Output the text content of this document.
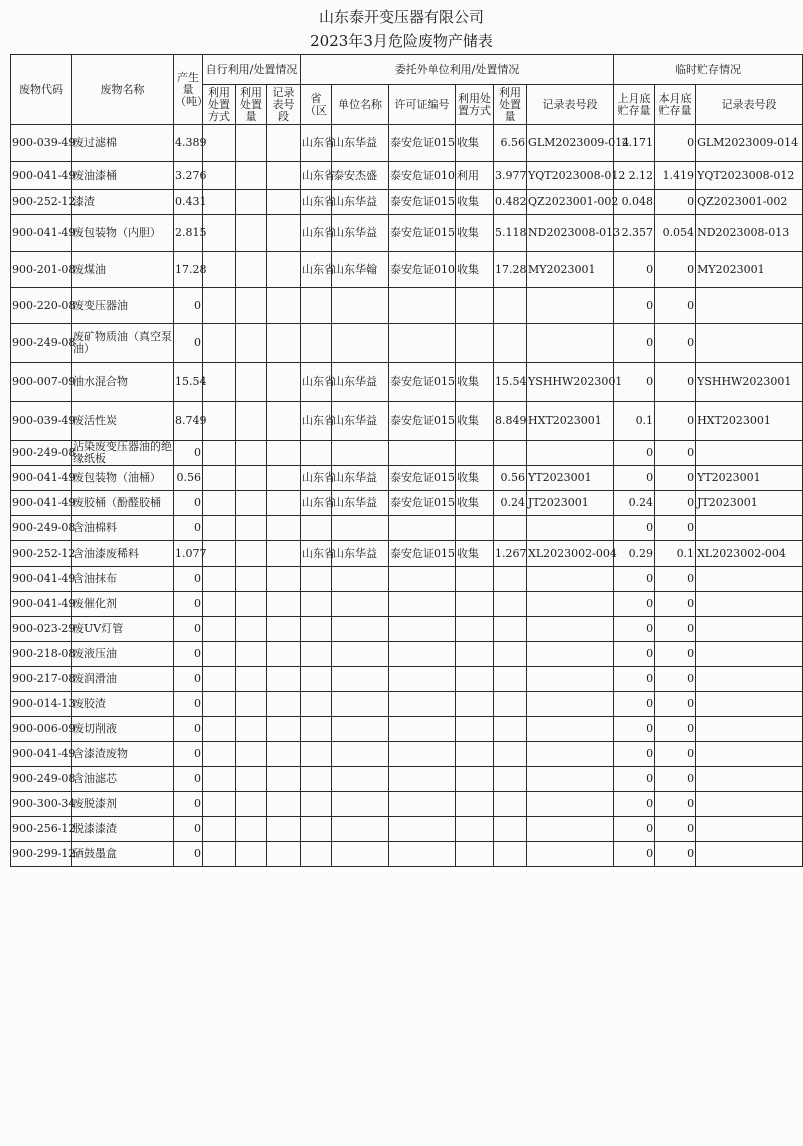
山东泰开变压器有限公司
2023年3月危险废物产储表
废物代码	废物名称	产生量（吨）	自行利用/处置情况			委托外单位利用/处置情况						临时贮存情况		
			利用处置方式	利用处置量	记录表号段	省（区	单位名称	许可证编号	利用处置方式	利用处置量	记录表号段	上月底贮存量	本月底贮存量	记录表号段
900-039-49	废过滤棉	4.389				山东省	山东华益	泰安危证015	收集	6.56	GLM2023009-014	2.171	0	GLM2023009-014
900-041-49	废油漆桶	3.276				山东省	泰安杰盛	泰安危证010	利用	3.977	YQT2023008-012	2.12	1.419	YQT2023008-012
900-252-12	漆渣	0.431				山东省	山东华益	泰安危证015	收集	0.482	QZ2023001-002	0.048	0	QZ2023001-002
900-041-49	废包装物（内胆）	2.815				山东省	山东华益	泰安危证015	收集	5.118	ND2023008-013	2.357	0.054	ND2023008-013
900-201-08	废煤油	17.28				山东省	山东华翰	泰安危证010	收集	17.28	MY2023001	0	0	MY2023001
900-220-08	废变压器油	0										0	0	
900-249-08	废矿物质油（真空泵油）	0										0	0	
900-007-09	油水混合物	15.54				山东省	山东华益	泰安危证015	收集	15.54	YSHHW2023001	0	0	YSHHW2023001
900-039-49	废活性炭	8.749				山东省	山东华益	泰安危证015	收集	8.849	HXT2023001	0.1	0	HXT2023001
900-249-08	沾染废变压器油的绝缘纸板	0										0	0	
900-041-49	废包装物（油桶）	0.56				山东省	山东华益	泰安危证015	收集	0.56	YT2023001	0	0	YT2023001
900-041-49	废胶桶（酚醛胶桶	0				山东省	山东华益	泰安危证015	收集	0.24	JT2023001	0.24	0	JT2023001
900-249-08	含油棉料	0										0	0	
900-252-12	含油漆废稀料	1.077				山东省	山东华益	泰安危证015	收集	1.267	XL2023002-004	0.29	0.1	XL2023002-004
900-041-49	含油抹布	0										0	0	
900-041-49	废催化剂	0										0	0	
900-023-29	废UV灯管	0										0	0	
900-218-08	废液压油	0										0	0	
900-217-08	废润滑油	0										0	0	
900-014-13	废胶渣	0										0	0	
900-006-09	废切削液	0										0	0	
900-041-49	含漆渣废物	0										0	0	
900-249-08	含油滤芯	0										0	0	
900-300-34	废脱漆剂	0										0	0	
900-256-12	脱漆漆渣	0										0	0	
900-299-12	硒鼓墨盒	0										0	0	
